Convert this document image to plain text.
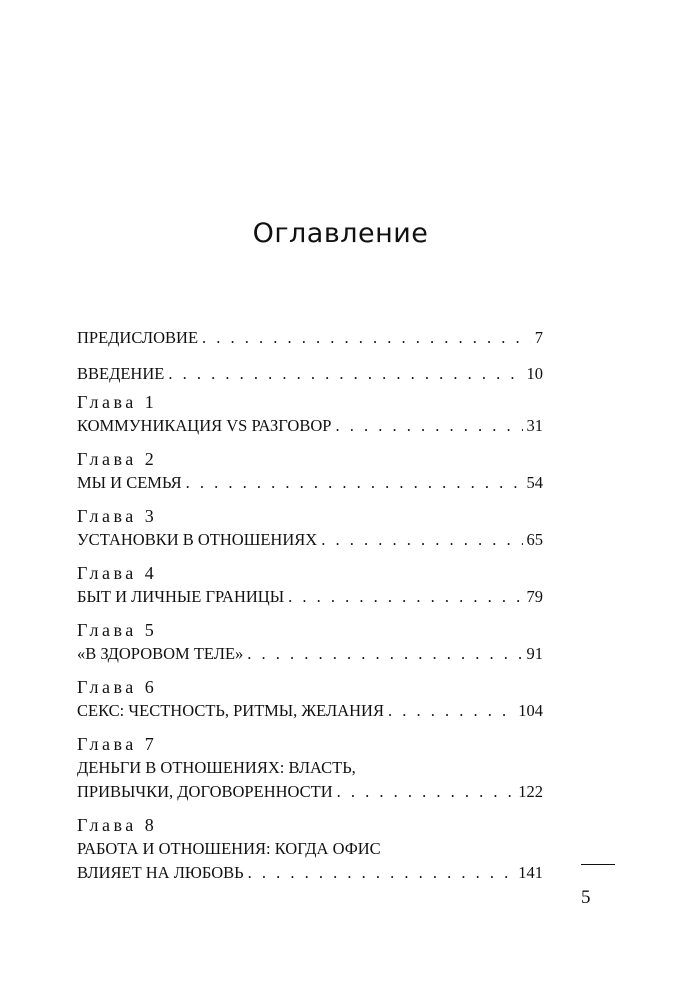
Оглавление
ПРЕДИСЛОВИЕ . . .	7
ВВЕДЕНИЕ . . .	10
Глава 1
КОММУНИКАЦИЯ VS РАЗГОВОР . . .	31
Глава 2
МЫ И СЕМЬЯ . . .	54
Глава 3
УСТАНОВКИ В ОТНОШЕНИЯХ . . .	65
Глава 4
БЫТ И ЛИЧНЫЕ ГРАНИЦЫ . . .	79
Глава 5
«В ЗДОРОВОМ ТЕЛЕ» . . .	91
Глава 6
СЕКС: ЧЕСТНОСТЬ, РИТМЫ, ЖЕЛАНИЯ . . .	104
Глава 7
ДЕНЬГИ В ОТНОШЕНИЯХ: ВЛАСТЬ,
ПРИВЫЧКИ, ДОГОВОРЕННОСТИ . . .	122
Глава 8
РАБОТА И ОТНОШЕНИЯ: КОГДА ОФИС
ВЛИЯЕТ НА ЛЮБОВЬ . . .	141
5
